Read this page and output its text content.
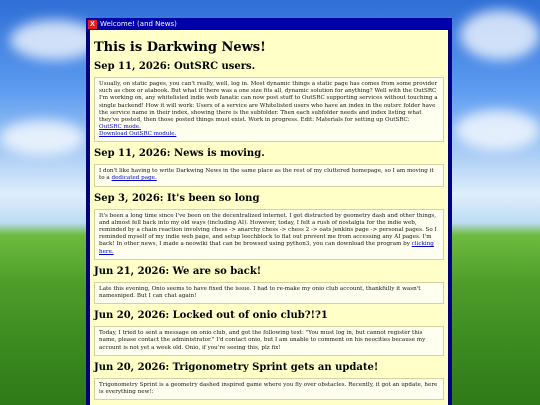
X Welcome! (and News)
This is Darkwing News!
Sep 11, 2026: OutSRC users.
Usually, on static pages, you can't really, well, log in. Most dynamic things a static page has comes from some provider such as cbox or atabook. But what if there was a one size fits all, dynamic solution for anything? Well with the OutSRC I'm working on, any whitelisted indie web fanatic can now post stuff to OutSRC supporting services without touching a single backend! How it will work: Users of a service are Whitelisted users who have an index in the outsrc folder have the service name in their index, showing there is the subfolder. Then each subfolder needs and index listing what they've posted, then those posted things must exist. Work in progress. Edit: Materials for setting up OutSRC:
OutSRC mode.
Download OutSRC module.
Sep 11, 2026: News is moving.
I don't like having to write Darkwing News in the same place as the rest of my cluttered homepage, so I am moving it to a dedicated page.
Sep 3, 2026: It's been so long
It's been a long time since I've been on the decentralized internet. I got distracted by geometry dash and other things, and almost fell back into my old ways (including AI). However, today, I felt a rush of nostalgia for the indie web, reminded by a chain reaction involving chess -> anarchy chess -> chess 2 -> oats jenkins page -> personal pages. So I reminded myself of my indie web page, and setup leechblock to flat out prevent me from accessing any AI pages. I'm back! In other news, I made a neowiki that can be browsed using python3, you can download the program by clicking here.
Jun 21, 2026: We are so back!
Late this evening, Onio seems to have fixed the issue. I had to re-make my onio club account, thankfully it wasn't namesniped. But I can chat again!
Jun 20, 2026: Locked out of onio club?!?1
Today, I tried to sent a message on onio club, and got the following text: "You must log in, but cannot register this name, please contact the administrator." I'd contact onio, but I am unable to comment on his neocities because my account is not yet a week old. Onio, if you're seeing this, plz fix!
Jun 20, 2026: Trigonometry Sprint gets an update!
Trigonometry Sprint is a geometry dashed inspired game where you fly over obstacles. Recently, it got an update, here is everything new!:
